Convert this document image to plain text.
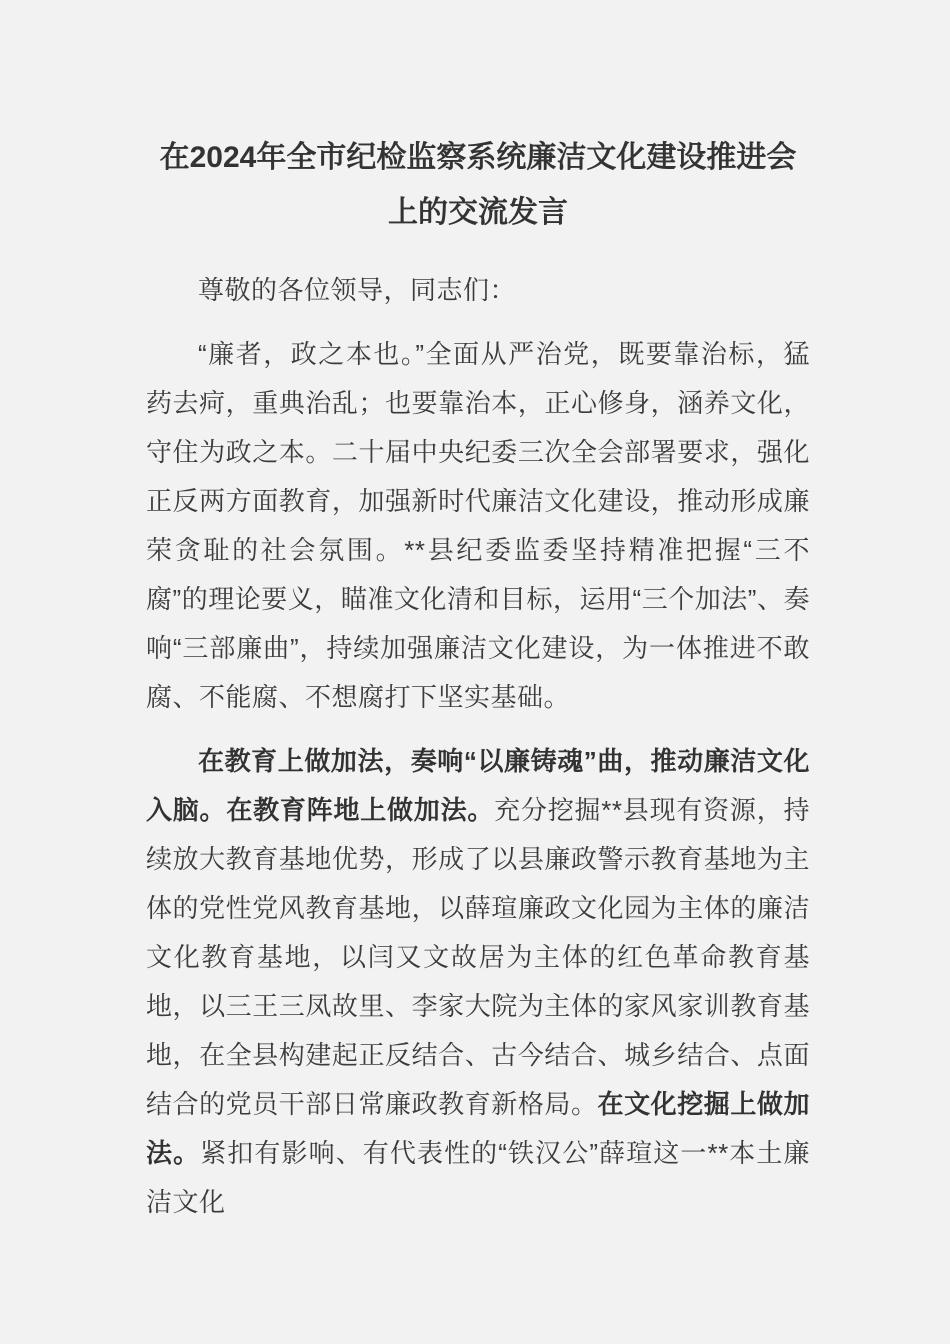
在2024年全市纪检监察系统廉洁文化建设推进会上的交流发言

尊敬的各位领导，同志们：

“廉者，政之本也。”全面从严治党，既要靠治标，猛药去疴，重典治乱；也要靠治本，正心修身，涵养文化，守住为政之本。二十届中央纪委三次全会部署要求，强化正反两方面教育，加强新时代廉洁文化建设，推动形成廉荣贪耻的社会氛围。**县纪委监委坚持精准把握“三不腐”的理论要义，瞄准文化清和目标，运用“三个加法”、奏响“三部廉曲”，持续加强廉洁文化建设，为一体推进不敢腐、不能腐、不想腐打下坚实基础。

在教育上做加法，奏响“以廉铸魂”曲，推动廉洁文化入脑。在教育阵地上做加法。充分挖掘**县现有资源，持续放大教育基地优势，形成了以县廉政警示教育基地为主体的党性党风教育基地，以薛瑄廉政文化园为主体的廉洁文化教育基地，以闫又文故居为主体的红色革命教育基地，以三王三凤故里、李家大院为主体的家风家训教育基地，在全县构建起正反结合、古今结合、城乡结合、点面结合的党员干部日常廉政教育新格局。在文化挖掘上做加法。紧扣有影响、有代表性的“铁汉公”薛瑄这一**本土廉洁文化
